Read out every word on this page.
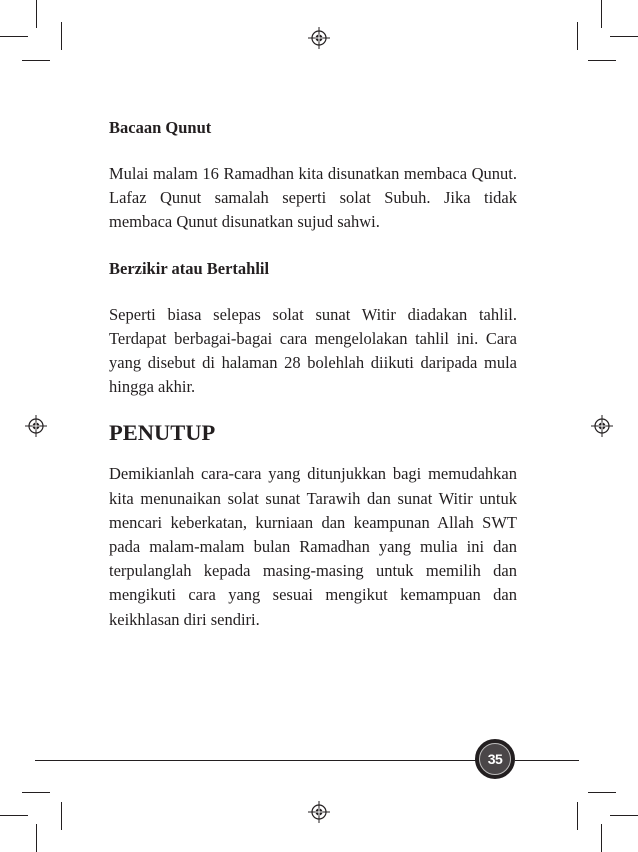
Bacaan Qunut

Mulai malam 16 Ramadhan kita disunatkan membaca Qunut. Lafaz Qunut samalah seperti solat Subuh. Jika tidak membaca Qunut disunatkan sujud sahwi.

Berzikir atau Bertahlil

Seperti biasa selepas solat sunat Witir diadakan tahlil. Terdapat berbagai-bagai cara mengelolakan tahlil ini. Cara yang disebut di halaman 28 bolehlah diikuti daripada mula hingga akhir.

PENUTUP

Demikianlah cara-cara yang ditunjukkan bagi memudahkan kita menunaikan solat sunat Tarawih dan sunat Witir untuk mencari keberkatan, kurniaan dan keampunan Allah SWT pada malam-malam bulan Ramadhan yang mulia ini dan terpulanglah kepada masing-masing untuk memilih dan mengikuti cara yang sesuai mengikut kemampuan dan keikhlasan diri sendiri.

35
